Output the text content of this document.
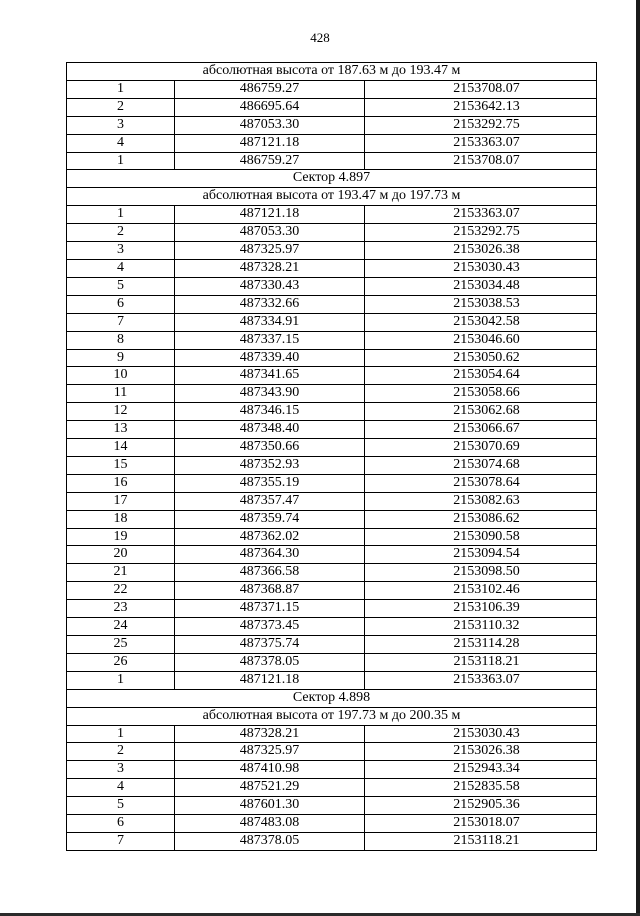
428
абсолютная высота от 187.63 м до 193.47 м		
1	486759.27	2153708.07
2	486695.64	2153642.13
3	487053.30	2153292.75
4	487121.18	2153363.07
1	486759.27	2153708.07
Сектор 4.897		
абсолютная высота от 193.47 м до 197.73 м		
1	487121.18	2153363.07
2	487053.30	2153292.75
3	487325.97	2153026.38
4	487328.21	2153030.43
5	487330.43	2153034.48
6	487332.66	2153038.53
7	487334.91	2153042.58
8	487337.15	2153046.60
9	487339.40	2153050.62
10	487341.65	2153054.64
11	487343.90	2153058.66
12	487346.15	2153062.68
13	487348.40	2153066.67
14	487350.66	2153070.69
15	487352.93	2153074.68
16	487355.19	2153078.64
17	487357.47	2153082.63
18	487359.74	2153086.62
19	487362.02	2153090.58
20	487364.30	2153094.54
21	487366.58	2153098.50
22	487368.87	2153102.46
23	487371.15	2153106.39
24	487373.45	2153110.32
25	487375.74	2153114.28
26	487378.05	2153118.21
1	487121.18	2153363.07
Сектор 4.898		
абсолютная высота от 197.73 м до 200.35 м		
1	487328.21	2153030.43
2	487325.97	2153026.38
3	487410.98	2152943.34
4	487521.29	2152835.58
5	487601.30	2152905.36
6	487483.08	2153018.07
7	487378.05	2153118.21
